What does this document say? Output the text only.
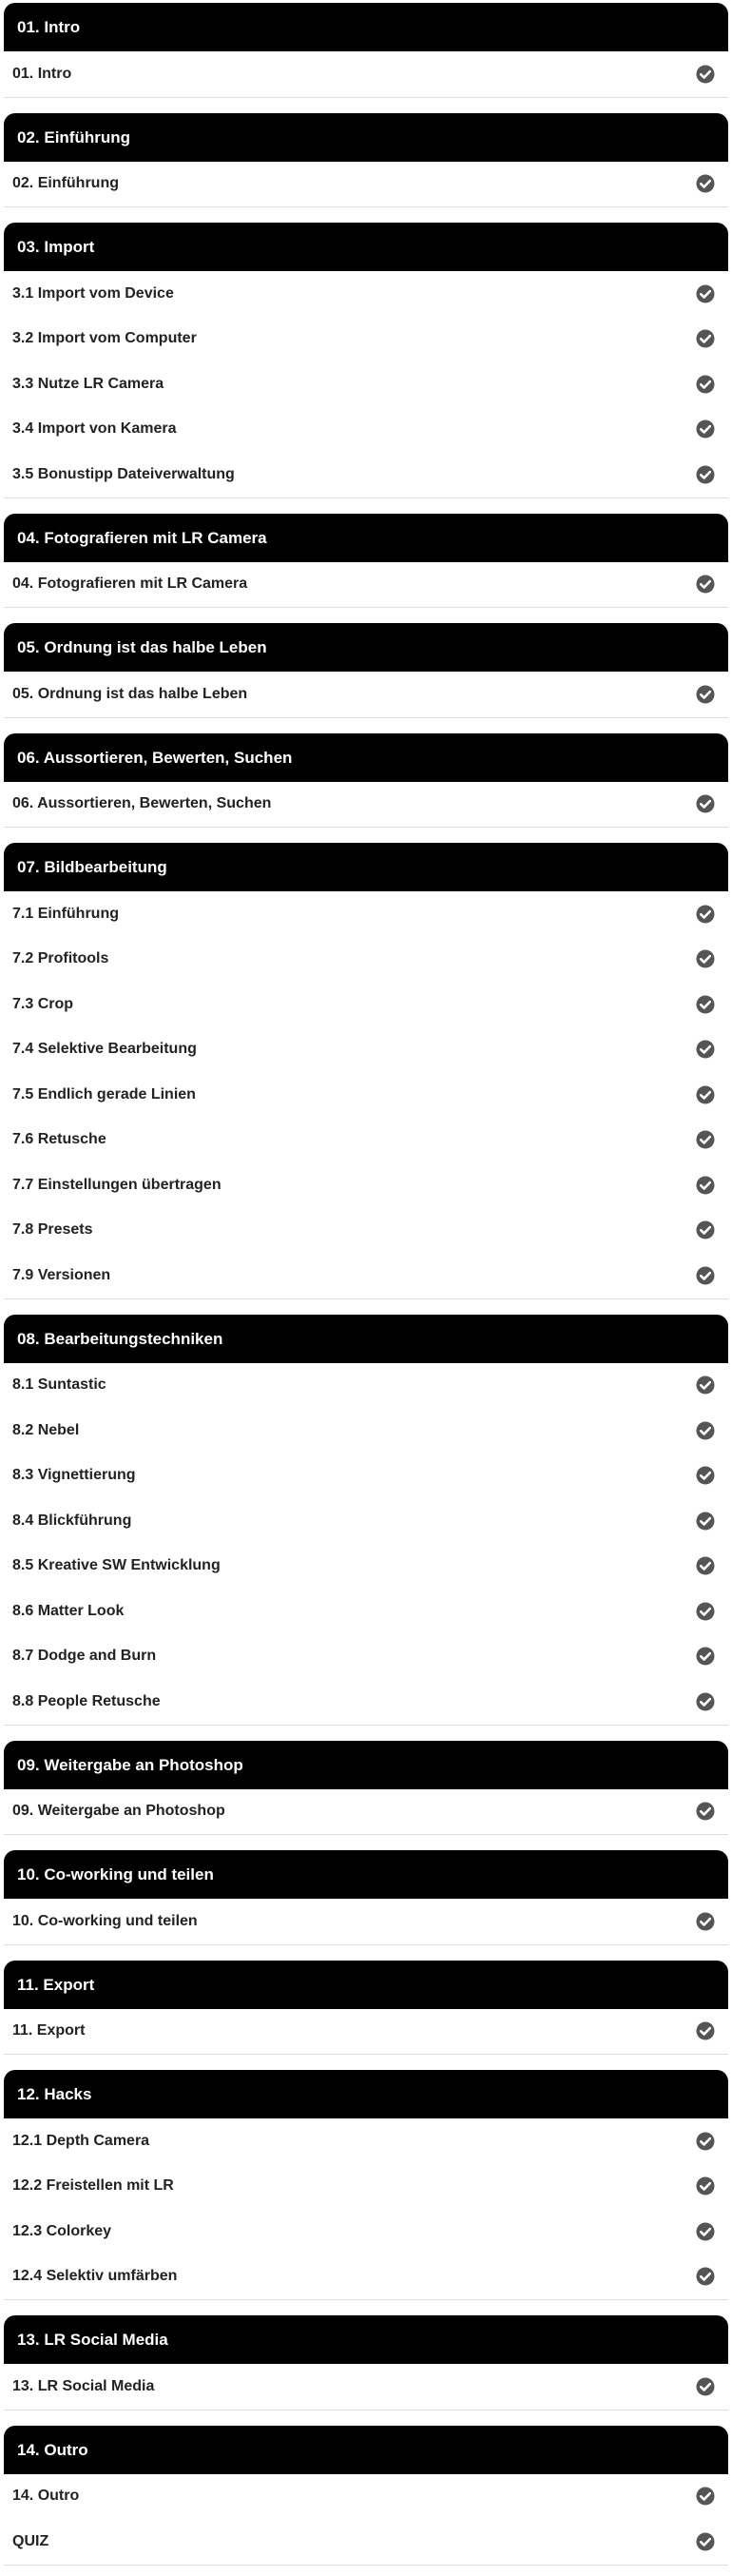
01. Intro
01. Intro
02. Einführung
02. Einführung
03. Import
3.1 Import vom Device
3.2 Import vom Computer
3.3 Nutze LR Camera
3.4 Import von Kamera
3.5 Bonustipp Dateiverwaltung
04. Fotografieren mit LR Camera
04. Fotografieren mit LR Camera
05. Ordnung ist das halbe Leben
05. Ordnung ist das halbe Leben
06. Aussortieren, Bewerten, Suchen
06. Aussortieren, Bewerten, Suchen
07. Bildbearbeitung
7.1 Einführung
7.2 Profitools
7.3 Crop
7.4 Selektive Bearbeitung
7.5 Endlich gerade Linien
7.6 Retusche
7.7 Einstellungen übertragen
7.8 Presets
7.9 Versionen
08. Bearbeitungstechniken
8.1 Suntastic
8.2 Nebel
8.3 Vignettierung
8.4 Blickführung
8.5 Kreative SW Entwicklung
8.6 Matter Look
8.7 Dodge and Burn
8.8 People Retusche
09. Weitergabe an Photoshop
09. Weitergabe an Photoshop
10. Co-working und teilen
10. Co-working und teilen
11. Export
11. Export
12. Hacks
12.1 Depth Camera
12.2 Freistellen mit LR
12.3 Colorkey
12.4 Selektiv umfärben
13. LR Social Media
13. LR Social Media
14. Outro
14. Outro
QUIZ
